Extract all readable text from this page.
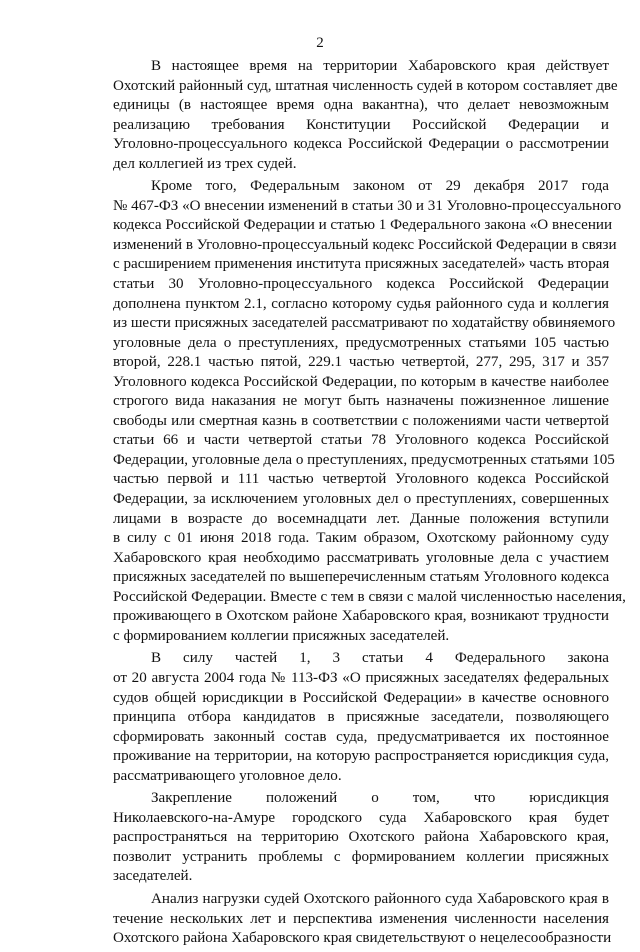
2
В настоящее время на территории Хабаровского края действует
Охотский районный суд, штатная численность судей в котором составляет две
единицы (в настоящее время одна вакантна), что делает невозможным
реализацию требования Конституции Российской Федерации и
Уголовно-процессуального кодекса Российской Федерации о рассмотрении
дел коллегией из трех судей.
Кроме того, Федеральным законом от 29 декабря 2017 года
№ 467-ФЗ «О внесении изменений в статьи 30 и 31 Уголовно-процессуального
кодекса Российской Федерации и статью 1 Федерального закона «О внесении
изменений в Уголовно-процессуальный кодекс Российской Федерации в связи
с расширением применения института присяжных заседателей» часть вторая
статьи 30 Уголовно-процессуального кодекса Российской Федерации
дополнена пунктом 2.1, согласно которому судья районного суда и коллегия
из шести присяжных заседателей рассматривают по ходатайству обвиняемого
уголовные дела о преступлениях, предусмотренных статьями 105 частью
второй, 228.1 частью пятой, 229.1 частью четвертой, 277, 295, 317 и 357
Уголовного кодекса Российской Федерации, по которым в качестве наиболее
строгого вида наказания не могут быть назначены пожизненное лишение
свободы или смертная казнь в соответствии с положениями части четвертой
статьи 66 и части четвертой статьи 78 Уголовного кодекса Российской
Федерации, уголовные дела о преступлениях, предусмотренных статьями 105
частью первой и 111 частью четвертой Уголовного кодекса Российской
Федерации, за исключением уголовных дел о преступлениях, совершенных
лицами в возрасте до восемнадцати лет. Данные положения вступили
в силу с 01 июня 2018 года. Таким образом, Охотскому районному суду
Хабаровского края необходимо рассматривать уголовные дела с участием
присяжных заседателей по вышеперечисленным статьям Уголовного кодекса
Российской Федерации. Вместе с тем в связи с малой численностью населения,
проживающего в Охотском районе Хабаровского края, возникают трудности
с формированием коллегии присяжных заседателей.
В силу частей 1, 3 статьи 4 Федерального закона
от 20 августа 2004 года № 113-ФЗ «О присяжных заседателях федеральных
судов общей юрисдикции в Российской Федерации» в качестве основного
принципа отбора кандидатов в присяжные заседатели, позволяющего
сформировать законный состав суда, предусматривается их постоянное
проживание на территории, на которую распространяется юрисдикция суда,
рассматривающего уголовное дело.
Закрепление положений о том, что юрисдикция
Николаевского-на-Амуре городского суда Хабаровского края будет
распространяться на территорию Охотского района Хабаровского края,
позволит устранить проблемы с формированием коллегии присяжных
заседателей.
Анализ нагрузки судей Охотского районного суда Хабаровского края в
течение нескольких лет и перспектива изменения численности населения
Охотского района Хабаровского края свидетельствуют о нецелесообразности
